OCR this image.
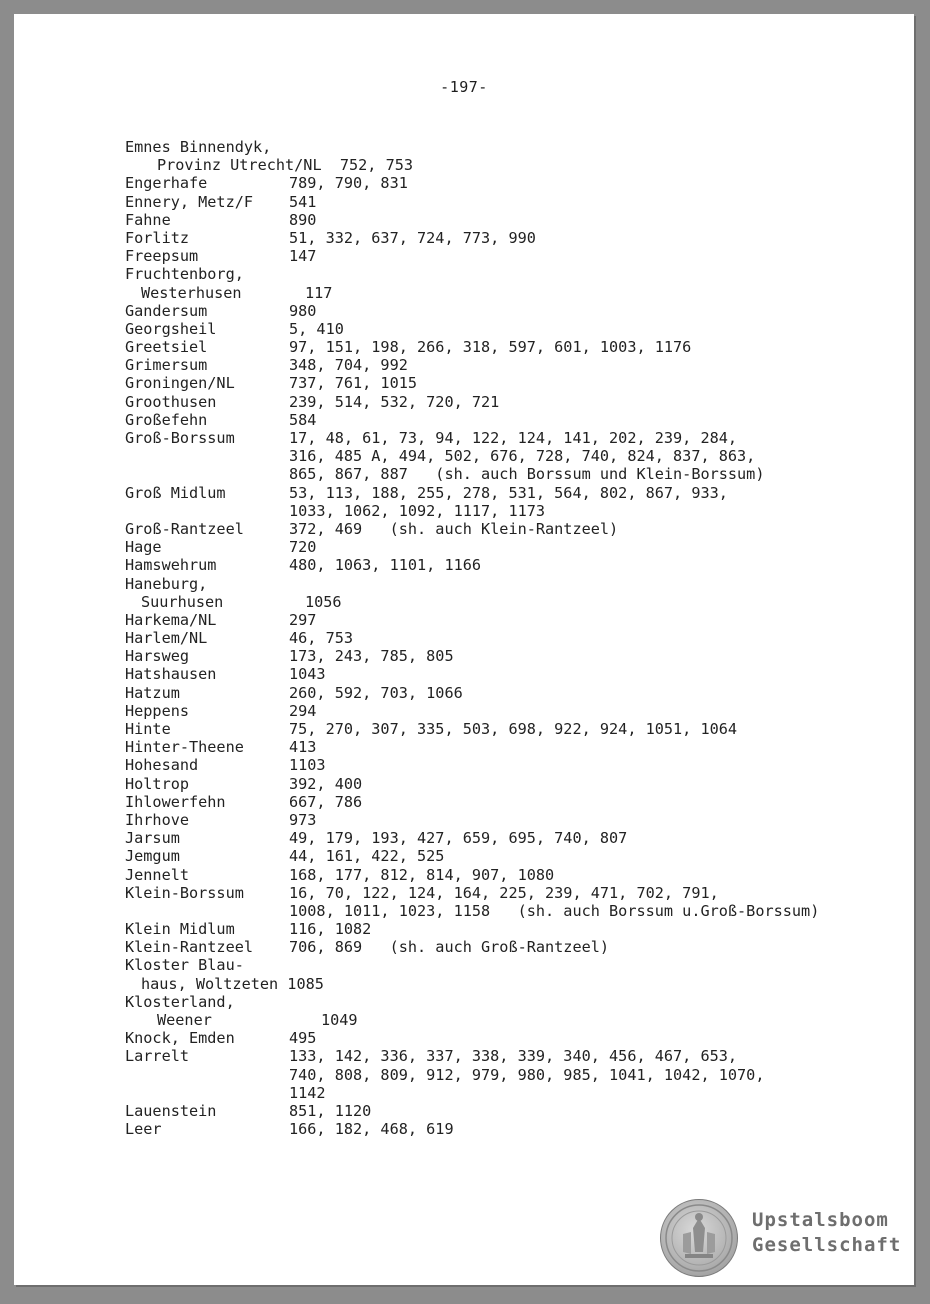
-197-
Emnes Binnendyk,
Provinz Utrecht/NL  752, 753
Engerhafe	789, 790, 831
Ennery, Metz/F	541
Fahne	890
Forlitz	51, 332, 637, 724, 773, 990
Freepsum	147
Fruchtenborg,
Westerhusen	117
Gandersum	980
Georgsheil	5, 410
Greetsiel	97, 151, 198, 266, 318, 597, 601, 1003, 1176
Grimersum	348, 704, 992
Groningen/NL	737, 761, 1015
Groothusen	239, 514, 532, 720, 721
Großefehn	584
Groß-Borssum	17, 48, 61, 73, 94, 122, 124, 141, 202, 239, 284,
316, 485 A, 494, 502, 676, 728, 740, 824, 837, 863,
865, 867, 887   (sh. auch Borssum und Klein-Borssum)
Groß Midlum	53, 113, 188, 255, 278, 531, 564, 802, 867, 933,
1033, 1062, 1092, 1117, 1173
Groß-Rantzeel	372, 469   (sh. auch Klein-Rantzeel)
Hage	720
Hamswehrum	480, 1063, 1101, 1166
Haneburg,
Suurhusen	1056
Harkema/NL	297
Harlem/NL	46, 753
Harsweg	173, 243, 785, 805
Hatshausen	1043
Hatzum	260, 592, 703, 1066
Heppens	294
Hinte	75, 270, 307, 335, 503, 698, 922, 924, 1051, 1064
Hinter-Theene	413
Hohesand	1103
Holtrop	392, 400
Ihlowerfehn	667, 786
Ihrhove	973
Jarsum	49, 179, 193, 427, 659, 695, 740, 807
Jemgum	44, 161, 422, 525
Jennelt	168, 177, 812, 814, 907, 1080
Klein-Borssum	16, 70, 122, 124, 164, 225, 239, 471, 702, 791,
1008, 1011, 1023, 1158   (sh. auch Borssum u.Groß-Borssum)
Klein Midlum	116, 1082
Klein-Rantzeel	706, 869   (sh. auch Groß-Rantzeel)
Kloster Blau-
haus, Woltzeten 1085
Klosterland,
Weener	1049
Knock, Emden	495
Larrelt	133, 142, 336, 337, 338, 339, 340, 456, 467, 653,
740, 808, 809, 912, 979, 980, 985, 1041, 1042, 1070,
1142
Lauenstein	851, 1120
Leer	166, 182, 468, 619
Upstalsboom
Gesellschaft
